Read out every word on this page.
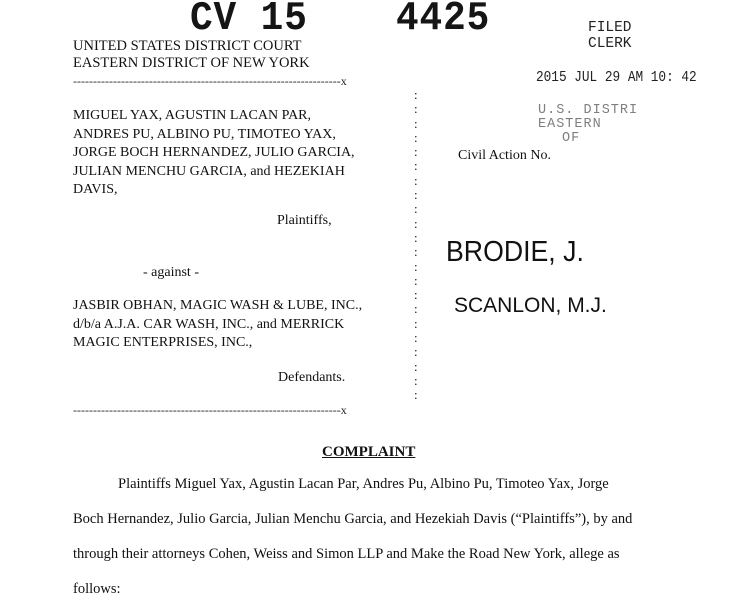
CV 15 4425
UNITED STATES DISTRICT COURT
EASTERN DISTRICT OF NEW YORK
FILED
CLERK
2015 JUL 29 AM 10: 42
U.S. DISTRI
EASTERN
OF
-------------------------------------------------------------------x
:
:
:
:
:
:
:
:
:
:
:
:
:
:
:
:
:
:
:
:
:
:
MIGUEL YAX, AGUSTIN LACAN PAR,
ANDRES PU, ALBINO PU, TIMOTEO YAX,
JORGE BOCH HERNANDEZ, JULIO GARCIA,
JULIAN MENCHU GARCIA, and HEZEKIAH
DAVIS,
Plaintiffs,
Civil Action No.
- against -
JASBIR OBHAN, MAGIC WASH & LUBE, INC.,
d/b/a A.J.A. CAR WASH, INC., and MERRICK
MAGIC ENTERPRISES, INC.,
Defendants.
BRODIE, J.
SCANLON, M.J.
-------------------------------------------------------------------x
COMPLAINT
Plaintiffs Miguel Yax, Agustin Lacan Par, Andres Pu, Albino Pu, Timoteo Yax, Jorge
Boch Hernandez, Julio Garcia, Julian Menchu Garcia, and Hezekiah Davis (“Plaintiffs”), by and
through their attorneys Cohen, Weiss and Simon LLP and Make the Road New York, allege as
follows:
